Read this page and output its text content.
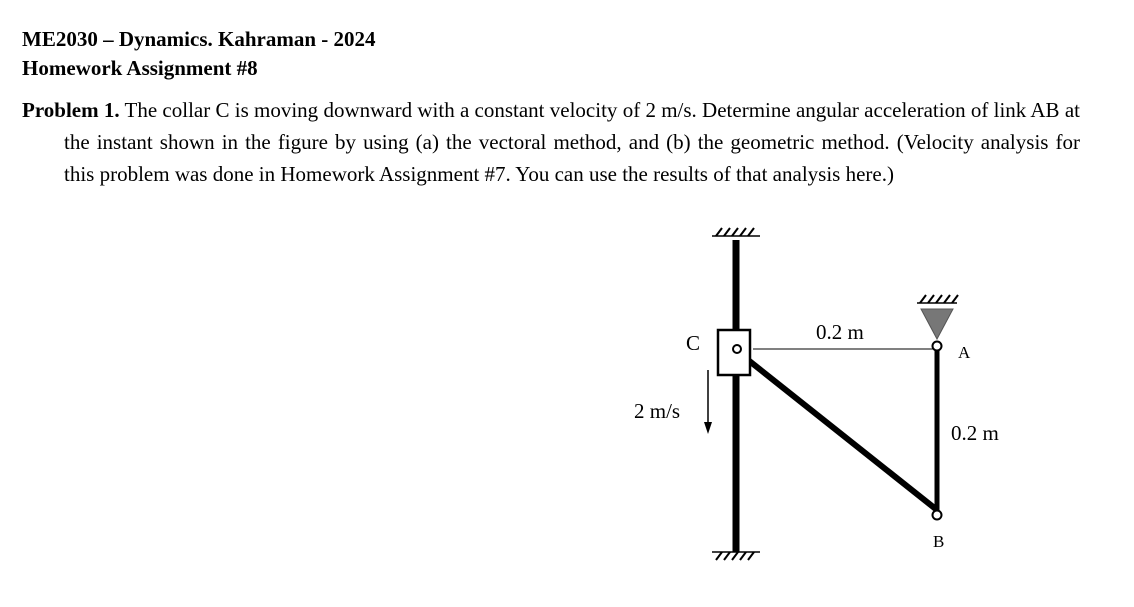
ME2030 – Dynamics. Kahraman - 2024
Homework Assignment #8
Problem 1. The collar C is moving downward with a constant velocity of 2 m/s. Determine angular acceleration of link AB at the instant shown in the figure by using (a) the vectoral method, and (b) the geometric method. (Velocity analysis for this problem was done in Homework Assignment #7. You can use the results of that analysis here.)
C	A
B
0.2 m
0.2 m
2 m/s
